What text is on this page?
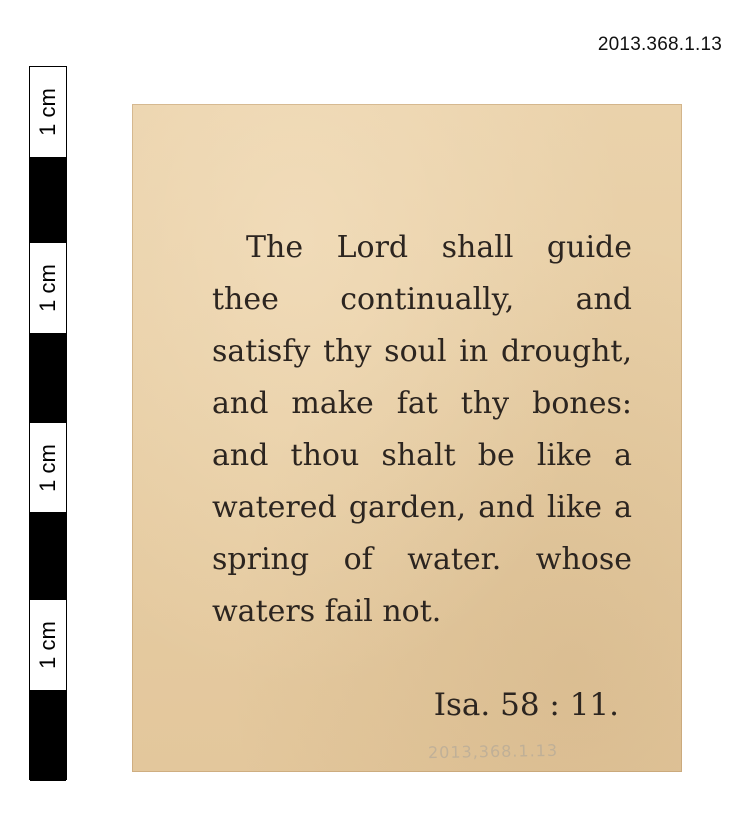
2013.368.1.13
1 cm
1 cm
1 cm
1 cm

The Lord shall guide thee continually, and satisfy thy soul in drought, and make fat thy bones: and thou shalt be like a watered garden, and like a spring of water. whose waters fail not.

Isa. 58 : 11.

2013,368.1.13
